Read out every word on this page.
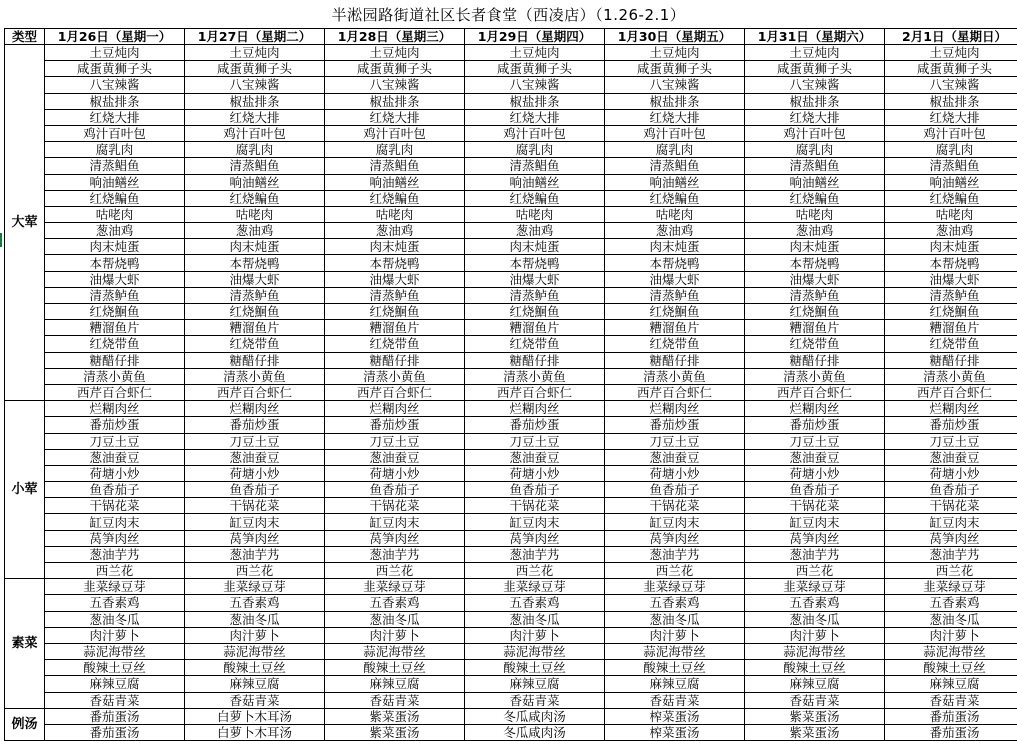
半淞园路街道社区长者食堂（西凌店）（1.26-2.1）
类型	1月26日（星期一）	1月27日（星期二）	1月28日（星期三）	1月29日（星期四）	1月30日（星期五）	1月31日（星期六）	2月1日（星期日）
大荤	土豆炖肉	土豆炖肉	土豆炖肉	土豆炖肉	土豆炖肉	土豆炖肉	土豆炖肉
	咸蛋黄狮子头	咸蛋黄狮子头	咸蛋黄狮子头	咸蛋黄狮子头	咸蛋黄狮子头	咸蛋黄狮子头	咸蛋黄狮子头
	八宝辣酱	八宝辣酱	八宝辣酱	八宝辣酱	八宝辣酱	八宝辣酱	八宝辣酱
	椒盐排条	椒盐排条	椒盐排条	椒盐排条	椒盐排条	椒盐排条	椒盐排条
	红烧大排	红烧大排	红烧大排	红烧大排	红烧大排	红烧大排	红烧大排
	鸡汁百叶包	鸡汁百叶包	鸡汁百叶包	鸡汁百叶包	鸡汁百叶包	鸡汁百叶包	鸡汁百叶包
	腐乳肉	腐乳肉	腐乳肉	腐乳肉	腐乳肉	腐乳肉	腐乳肉
	清蒸鲳鱼	清蒸鲳鱼	清蒸鲳鱼	清蒸鲳鱼	清蒸鲳鱼	清蒸鲳鱼	清蒸鲳鱼
	响油鳝丝	响油鳝丝	响油鳝丝	响油鳝丝	响油鳝丝	响油鳝丝	响油鳝丝
	红烧鳊鱼	红烧鳊鱼	红烧鳊鱼	红烧鳊鱼	红烧鳊鱼	红烧鳊鱼	红烧鳊鱼
	咕咾肉	咕咾肉	咕咾肉	咕咾肉	咕咾肉	咕咾肉	咕咾肉
	葱油鸡	葱油鸡	葱油鸡	葱油鸡	葱油鸡	葱油鸡	葱油鸡
	肉末炖蛋	肉末炖蛋	肉末炖蛋	肉末炖蛋	肉末炖蛋	肉末炖蛋	肉末炖蛋
	本帮烧鸭	本帮烧鸭	本帮烧鸭	本帮烧鸭	本帮烧鸭	本帮烧鸭	本帮烧鸭
	油爆大虾	油爆大虾	油爆大虾	油爆大虾	油爆大虾	油爆大虾	油爆大虾
	清蒸鲈鱼	清蒸鲈鱼	清蒸鲈鱼	清蒸鲈鱼	清蒸鲈鱼	清蒸鲈鱼	清蒸鲈鱼
	红烧鮰鱼	红烧鮰鱼	红烧鮰鱼	红烧鮰鱼	红烧鮰鱼	红烧鮰鱼	红烧鮰鱼
	糟溜鱼片	糟溜鱼片	糟溜鱼片	糟溜鱼片	糟溜鱼片	糟溜鱼片	糟溜鱼片
	红烧带鱼	红烧带鱼	红烧带鱼	红烧带鱼	红烧带鱼	红烧带鱼	红烧带鱼
	糖醋仔排	糖醋仔排	糖醋仔排	糖醋仔排	糖醋仔排	糖醋仔排	糖醋仔排
	清蒸小黄鱼	清蒸小黄鱼	清蒸小黄鱼	清蒸小黄鱼	清蒸小黄鱼	清蒸小黄鱼	清蒸小黄鱼
	西芹百合虾仁	西芹百合虾仁	西芹百合虾仁	西芹百合虾仁	西芹百合虾仁	西芹百合虾仁	西芹百合虾仁
小荤	烂糊肉丝	烂糊肉丝	烂糊肉丝	烂糊肉丝	烂糊肉丝	烂糊肉丝	烂糊肉丝
	番茄炒蛋	番茄炒蛋	番茄炒蛋	番茄炒蛋	番茄炒蛋	番茄炒蛋	番茄炒蛋
	刀豆土豆	刀豆土豆	刀豆土豆	刀豆土豆	刀豆土豆	刀豆土豆	刀豆土豆
	葱油蚕豆	葱油蚕豆	葱油蚕豆	葱油蚕豆	葱油蚕豆	葱油蚕豆	葱油蚕豆
	荷塘小炒	荷塘小炒	荷塘小炒	荷塘小炒	荷塘小炒	荷塘小炒	荷塘小炒
	鱼香茄子	鱼香茄子	鱼香茄子	鱼香茄子	鱼香茄子	鱼香茄子	鱼香茄子
	干锅花菜	干锅花菜	干锅花菜	干锅花菜	干锅花菜	干锅花菜	干锅花菜
	缸豆肉末	缸豆肉末	缸豆肉末	缸豆肉末	缸豆肉末	缸豆肉末	缸豆肉末
	莴笋肉丝	莴笋肉丝	莴笋肉丝	莴笋肉丝	莴笋肉丝	莴笋肉丝	莴笋肉丝
	葱油芋艿	葱油芋艿	葱油芋艿	葱油芋艿	葱油芋艿	葱油芋艿	葱油芋艿
	西兰花	西兰花	西兰花	西兰花	西兰花	西兰花	西兰花
素菜	韭菜绿豆芽	韭菜绿豆芽	韭菜绿豆芽	韭菜绿豆芽	韭菜绿豆芽	韭菜绿豆芽	韭菜绿豆芽
	五香素鸡	五香素鸡	五香素鸡	五香素鸡	五香素鸡	五香素鸡	五香素鸡
	葱油冬瓜	葱油冬瓜	葱油冬瓜	葱油冬瓜	葱油冬瓜	葱油冬瓜	葱油冬瓜
	肉汁萝卜	肉汁萝卜	肉汁萝卜	肉汁萝卜	肉汁萝卜	肉汁萝卜	肉汁萝卜
	蒜泥海带丝	蒜泥海带丝	蒜泥海带丝	蒜泥海带丝	蒜泥海带丝	蒜泥海带丝	蒜泥海带丝
	酸辣土豆丝	酸辣土豆丝	酸辣土豆丝	酸辣土豆丝	酸辣土豆丝	酸辣土豆丝	酸辣土豆丝
	麻辣豆腐	麻辣豆腐	麻辣豆腐	麻辣豆腐	麻辣豆腐	麻辣豆腐	麻辣豆腐
	香菇青菜	香菇青菜	香菇青菜	香菇青菜	香菇青菜	香菇青菜	香菇青菜
例汤	番茄蛋汤	白萝卜木耳汤	紫菜蛋汤	冬瓜咸肉汤	榨菜蛋汤	紫菜蛋汤	番茄蛋汤
	番茄蛋汤	白萝卜木耳汤	紫菜蛋汤	冬瓜咸肉汤	榨菜蛋汤	紫菜蛋汤	番茄蛋汤
